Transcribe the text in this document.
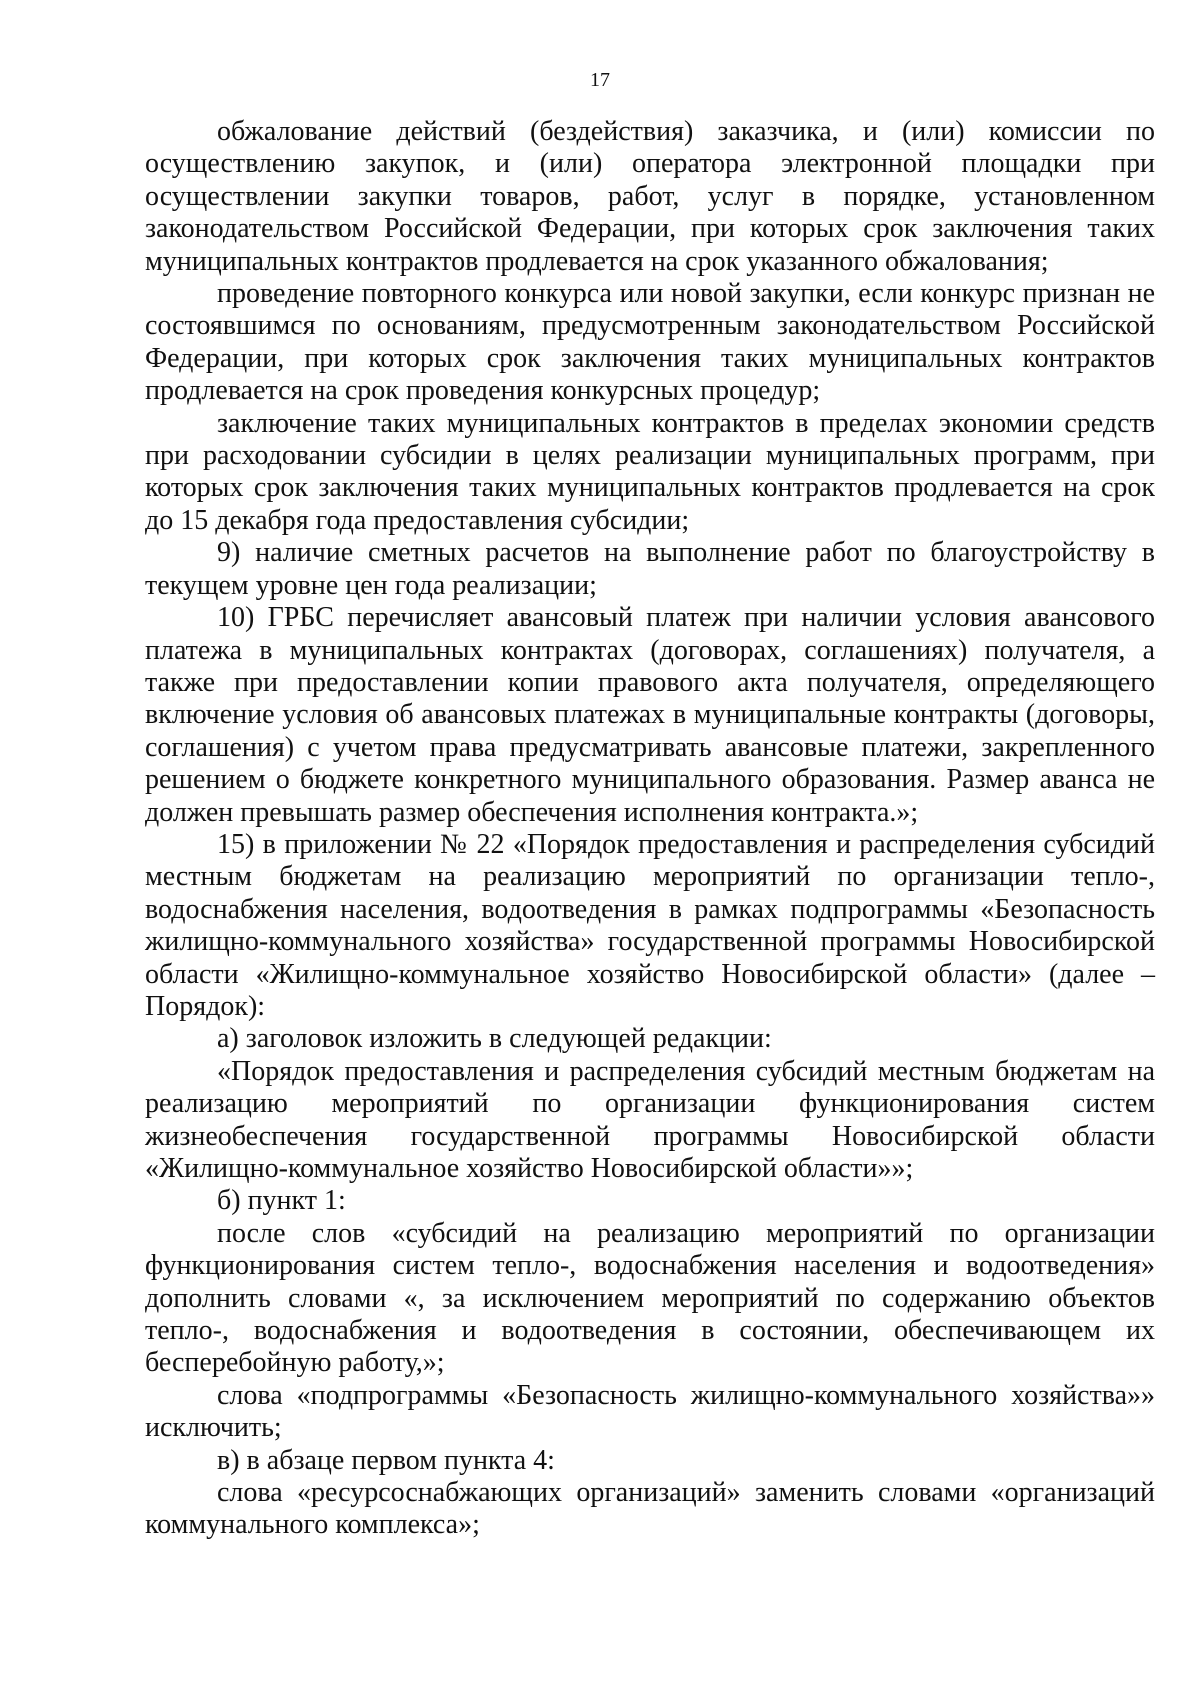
17

обжалование действий (бездействия) заказчика, и (или) комиссии по осуществлению закупок, и (или) оператора электронной площадки при осуществлении закупки товаров, работ, услуг в порядке, установленном законодательством Российской Федерации, при которых срок заключения таких муниципальных контрактов продлевается на срок указанного обжалования;

проведение повторного конкурса или новой закупки, если конкурс признан не состоявшимся по основаниям, предусмотренным законодательством Российской Федерации, при которых срок заключения таких муниципальных контрактов продлевается на срок проведения конкурсных процедур;

заключение таких муниципальных контрактов в пределах экономии средств при расходовании субсидии в целях реализации муниципальных программ, при которых срок заключения таких муниципальных контрактов продлевается на срок до 15 декабря года предоставления субсидии;

9) наличие сметных расчетов на выполнение работ по благоустройству в текущем уровне цен года реализации;

10) ГРБС перечисляет авансовый платеж при наличии условия авансового платежа в муниципальных контрактах (договорах, соглашениях) получателя, а также при предоставлении копии правового акта получателя, определяющего включение условия об авансовых платежах в муниципальные контракты (договоры, соглашения) с учетом права предусматривать авансовые платежи, закрепленного решением о бюджете конкретного муниципального образования. Размер аванса не должен превышать размер обеспечения исполнения контракта.»;

15) в приложении № 22 «Порядок предоставления и распределения субсидий местным бюджетам на реализацию мероприятий по организации тепло-, водоснабжения населения, водоотведения в рамках подпрограммы «Безопасность жилищно-коммунального хозяйства» государственной программы Новосибирской области «Жилищно-коммунальное хозяйство Новосибирской области» (далее – Порядок):

а) заголовок изложить в следующей редакции:

«Порядок предоставления и распределения субсидий местным бюджетам на реализацию мероприятий по организации функционирования систем жизнеобеспечения государственной программы Новосибирской области «Жилищно-коммунальное хозяйство Новосибирской области»»;

б) пункт 1:

после слов «субсидий на реализацию мероприятий по организации функционирования систем тепло-, водоснабжения населения и водоотведения» дополнить словами «, за исключением мероприятий по содержанию объектов тепло-, водоснабжения и водоотведения в состоянии, обеспечивающем их бесперебойную работу,»;

слова «подпрограммы «Безопасность жилищно-коммунального хозяйства»» исключить;

в) в абзаце первом пункта 4:

слова «ресурсоснабжающих организаций» заменить словами «организаций коммунального комплекса»;
